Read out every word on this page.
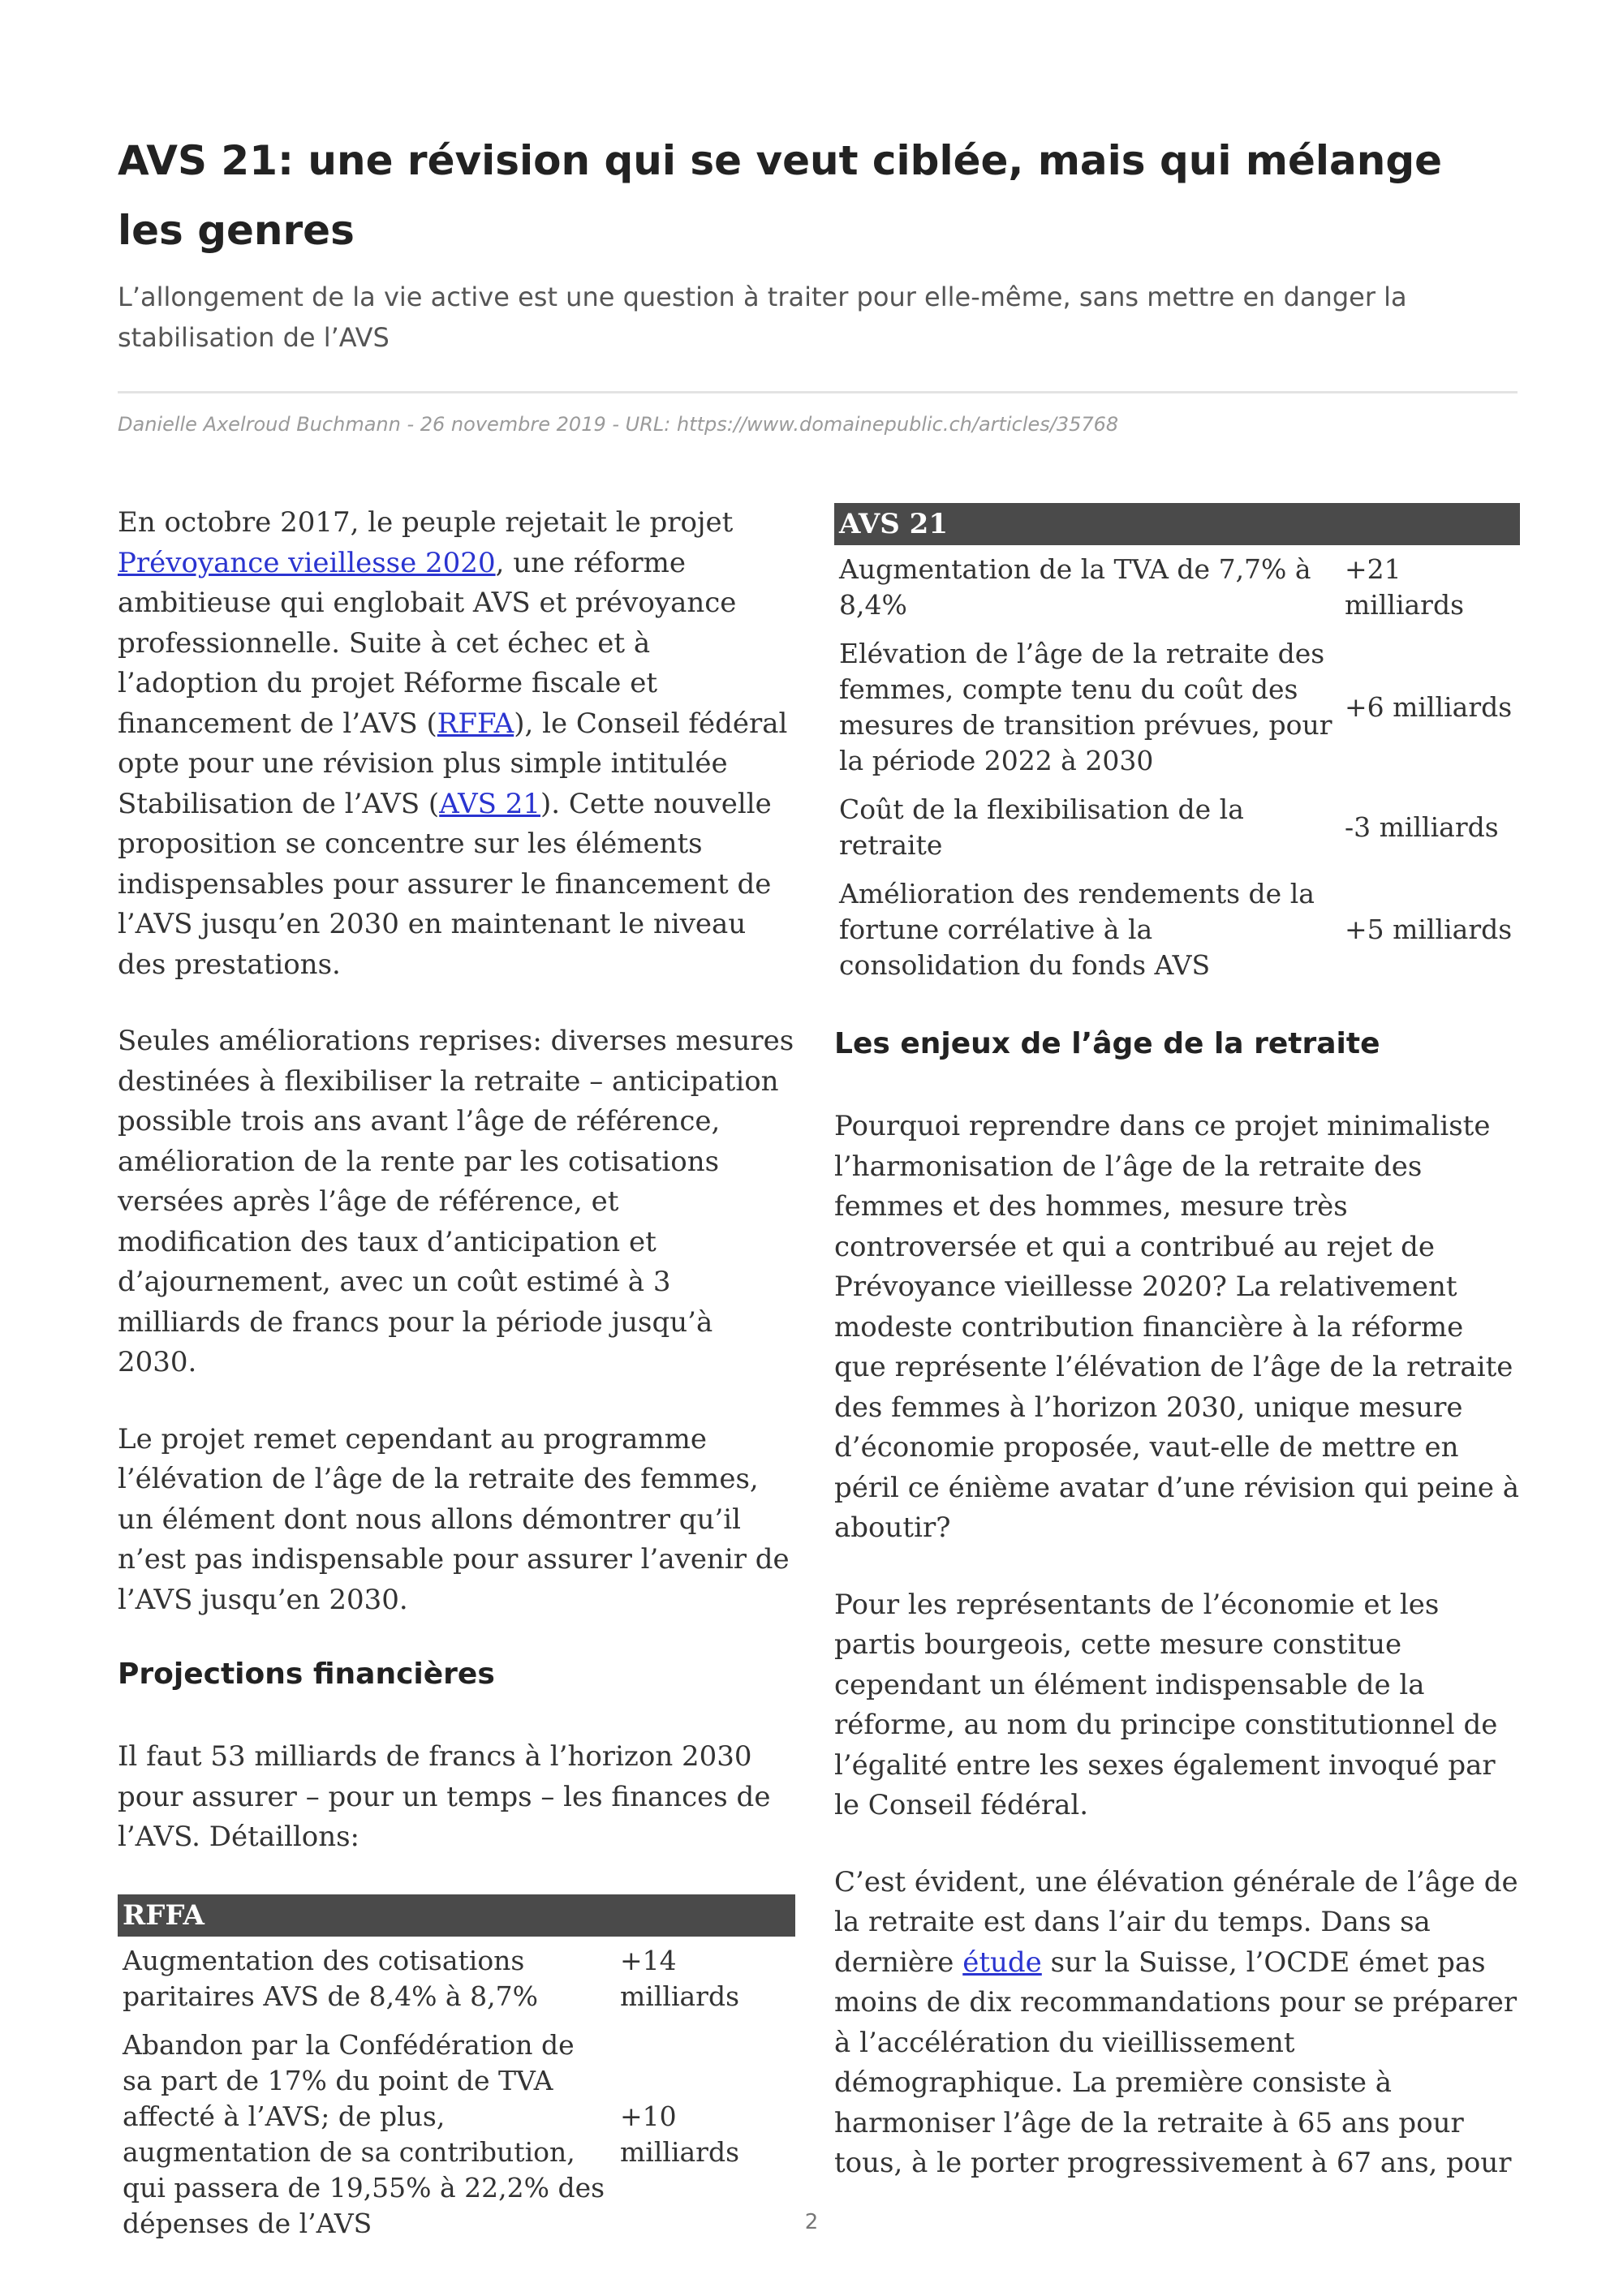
AVS 21: une révision qui se veut ciblée, mais qui mélange les genres
L’allongement de la vie active est une question à traiter pour elle-même, sans mettre en danger la stabilisation de l’AVS
Danielle Axelroud Buchmann - 26 novembre 2019 - URL: https://www.domainepublic.ch/articles/35768

En octobre 2017, le peuple rejetait le projet Prévoyance vieillesse 2020, une réforme ambitieuse qui englobait AVS et prévoyance professionnelle. Suite à cet échec et à l’adoption du projet Réforme fiscale et financement de l’AVS (RFFA), le Conseil fédéral opte pour une révision plus simple intitulée Stabilisation de l’AVS (AVS 21). Cette nouvelle proposition se concentre sur les éléments indispensables pour assurer le financement de l’AVS jusqu’en 2030 en maintenant le niveau des prestations.

Seules améliorations reprises: diverses mesures destinées à flexibiliser la retraite – anticipation possible trois ans avant l’âge de référence, amélioration de la rente par les cotisations versées après l’âge de référence, et modification des taux d’anticipation et d’ajournement, avec un coût estimé à 3 milliards de francs pour la période jusqu’à 2030.

Le projet remet cependant au programme l’élévation de l’âge de la retraite des femmes, un élément dont nous allons démontrer qu’il n’est pas indispensable pour assurer l’avenir de l’AVS jusqu’en 2030.

Projections financières

Il faut 53 milliards de francs à l’horizon 2030 pour assurer – pour un temps – les finances de l’AVS. Détaillons:

RFFA	
Augmentation des cotisations paritaires AVS de 8,4% à 8,7%	+14 milliards
Abandon par la Confédération de sa part de 17% du point de TVA affecté à l’AVS; de plus, augmentation de sa contribution, qui passera de 19,55% à 22,2% des dépenses de l’AVS	+10 milliards
AVS 21	
Augmentation de la TVA de 7,7% à 8,4%	+21 milliards
Elévation de l’âge de la retraite des femmes, compte tenu du coût des mesures de transition prévues, pour la période 2022 à 2030	+6 milliards
Coût de la flexibilisation de la retraite	-3 milliards
Amélioration des rendements de la fortune corrélative à la consolidation du fonds AVS	+5 milliards
Les enjeux de l’âge de la retraite

Pourquoi reprendre dans ce projet minimaliste l’harmonisation de l’âge de la retraite des femmes et des hommes, mesure très controversée et qui a contribué au rejet de Prévoyance vieillesse 2020? La relativement modeste contribution financière à la réforme que représente l’élévation de l’âge de la retraite des femmes à l’horizon 2030, unique mesure d’économie proposée, vaut-elle de mettre en péril ce énième avatar d’une révision qui peine à aboutir?

Pour les représentants de l’économie et les partis bourgeois, cette mesure constitue cependant un élément indispensable de la réforme, au nom du principe constitutionnel de l’égalité entre les sexes également invoqué par le Conseil fédéral.

C’est évident, une élévation générale de l’âge de la retraite est dans l’air du temps. Dans sa dernière étude sur la Suisse, l’OCDE émet pas moins de dix recommandations pour se préparer à l’accélération du vieillissement démographique. La première consiste à harmoniser l’âge de la retraite à 65 ans pour tous, à le porter progressivement à 67 ans, pour

2
